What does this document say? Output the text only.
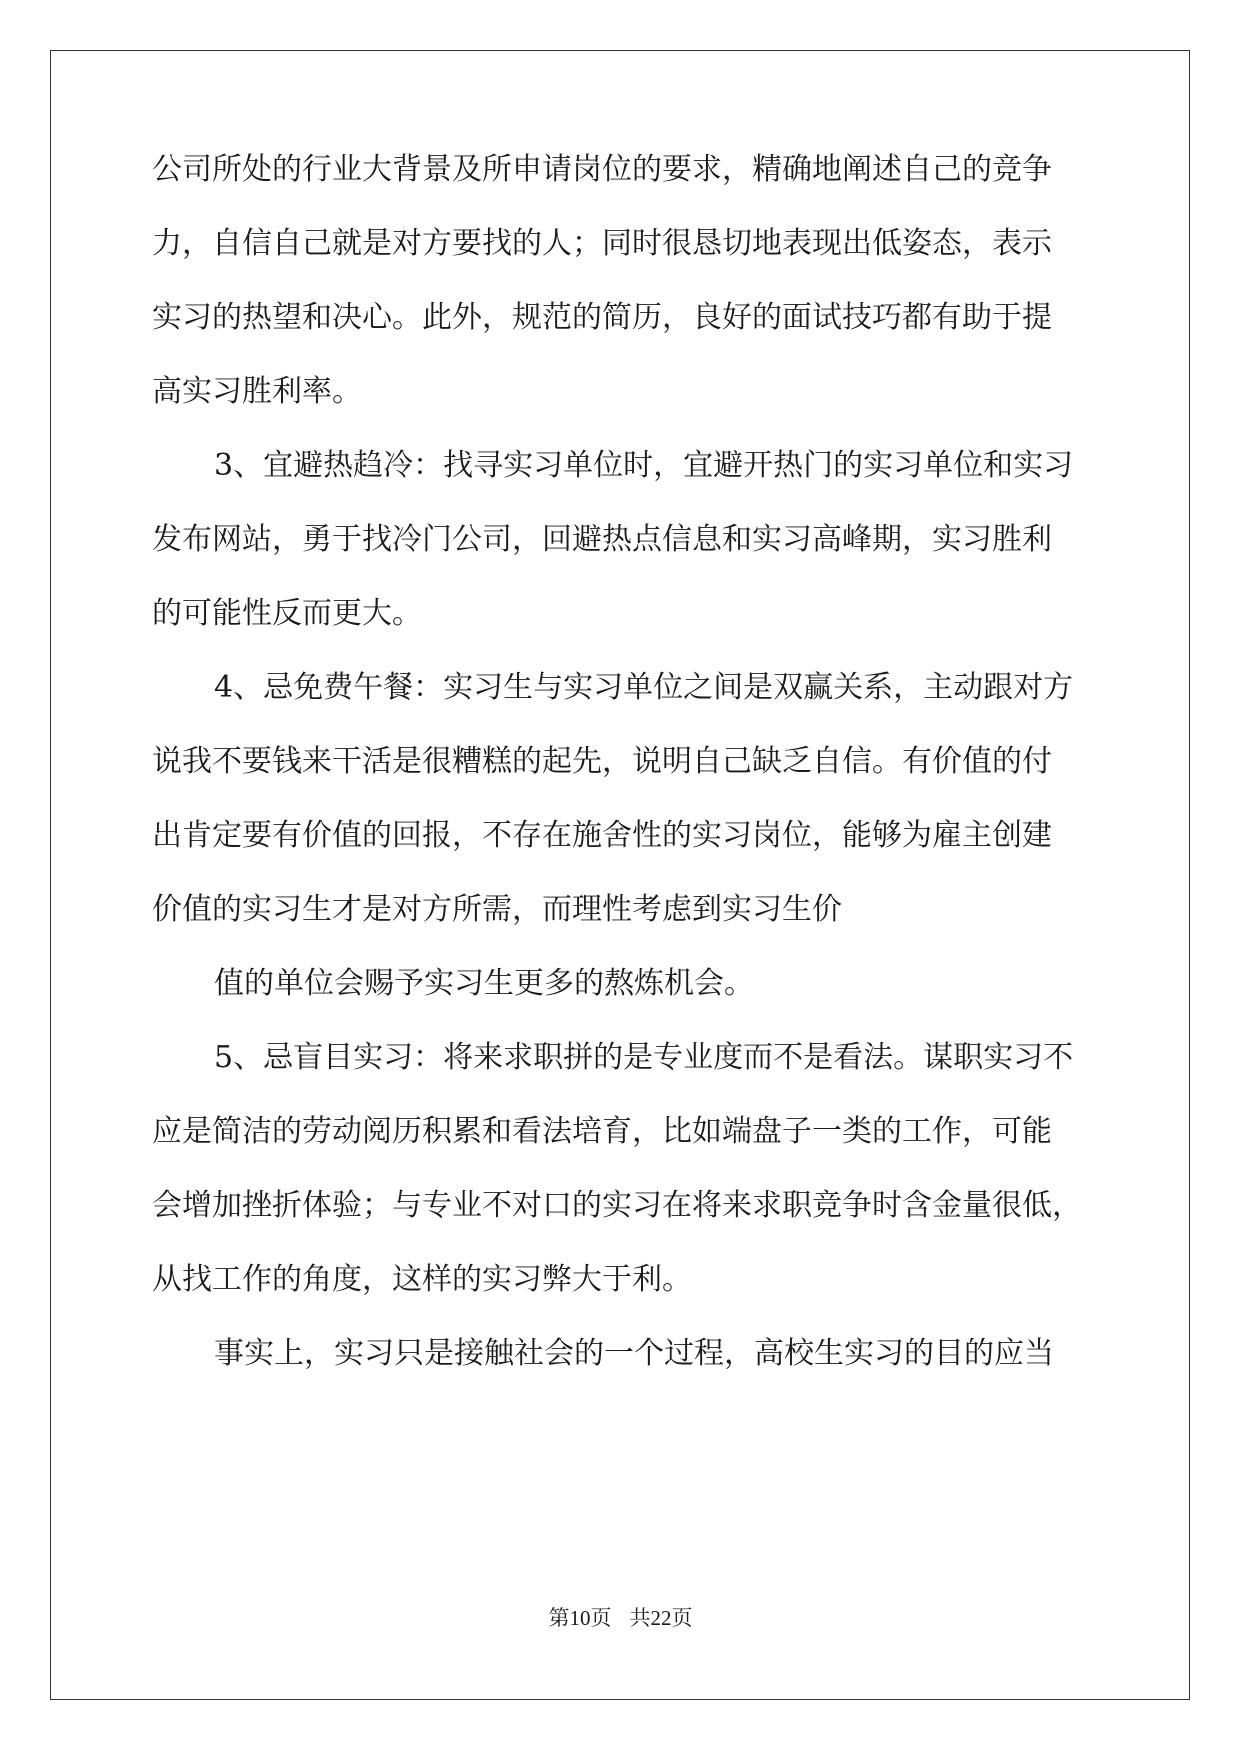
公司所处的行业大背景及所申请岗位的要求，精确地阐述自己的竞争

力，自信自己就是对方要找的人；同时很恳切地表现出低姿态，表示

实习的热望和决心。此外，规范的简历，良好的面试技巧都有助于提

高实习胜利率。

3、宜避热趋冷：找寻实习单位时，宜避开热门的实习单位和实习

发布网站，勇于找冷门公司，回避热点信息和实习高峰期，实习胜利

的可能性反而更大。

4、忌免费午餐：实习生与实习单位之间是双赢关系，主动跟对方

说我不要钱来干活是很糟糕的起先，说明自己缺乏自信。有价值的付

出肯定要有价值的回报，不存在施舍性的实习岗位，能够为雇主创建

价值的实习生才是对方所需，而理性考虑到实习生价

值的单位会赐予实习生更多的熬炼机会。

5、忌盲目实习：将来求职拼的是专业度而不是看法。谋职实习不

应是简洁的劳动阅历积累和看法培育，比如端盘子一类的工作，可能

会增加挫折体验；与专业不对口的实习在将来求职竞争时含金量很低，

从找工作的角度，这样的实习弊大于利。

事实上，实习只是接触社会的一个过程，高校生实习的目的应当

第10页 共22页
